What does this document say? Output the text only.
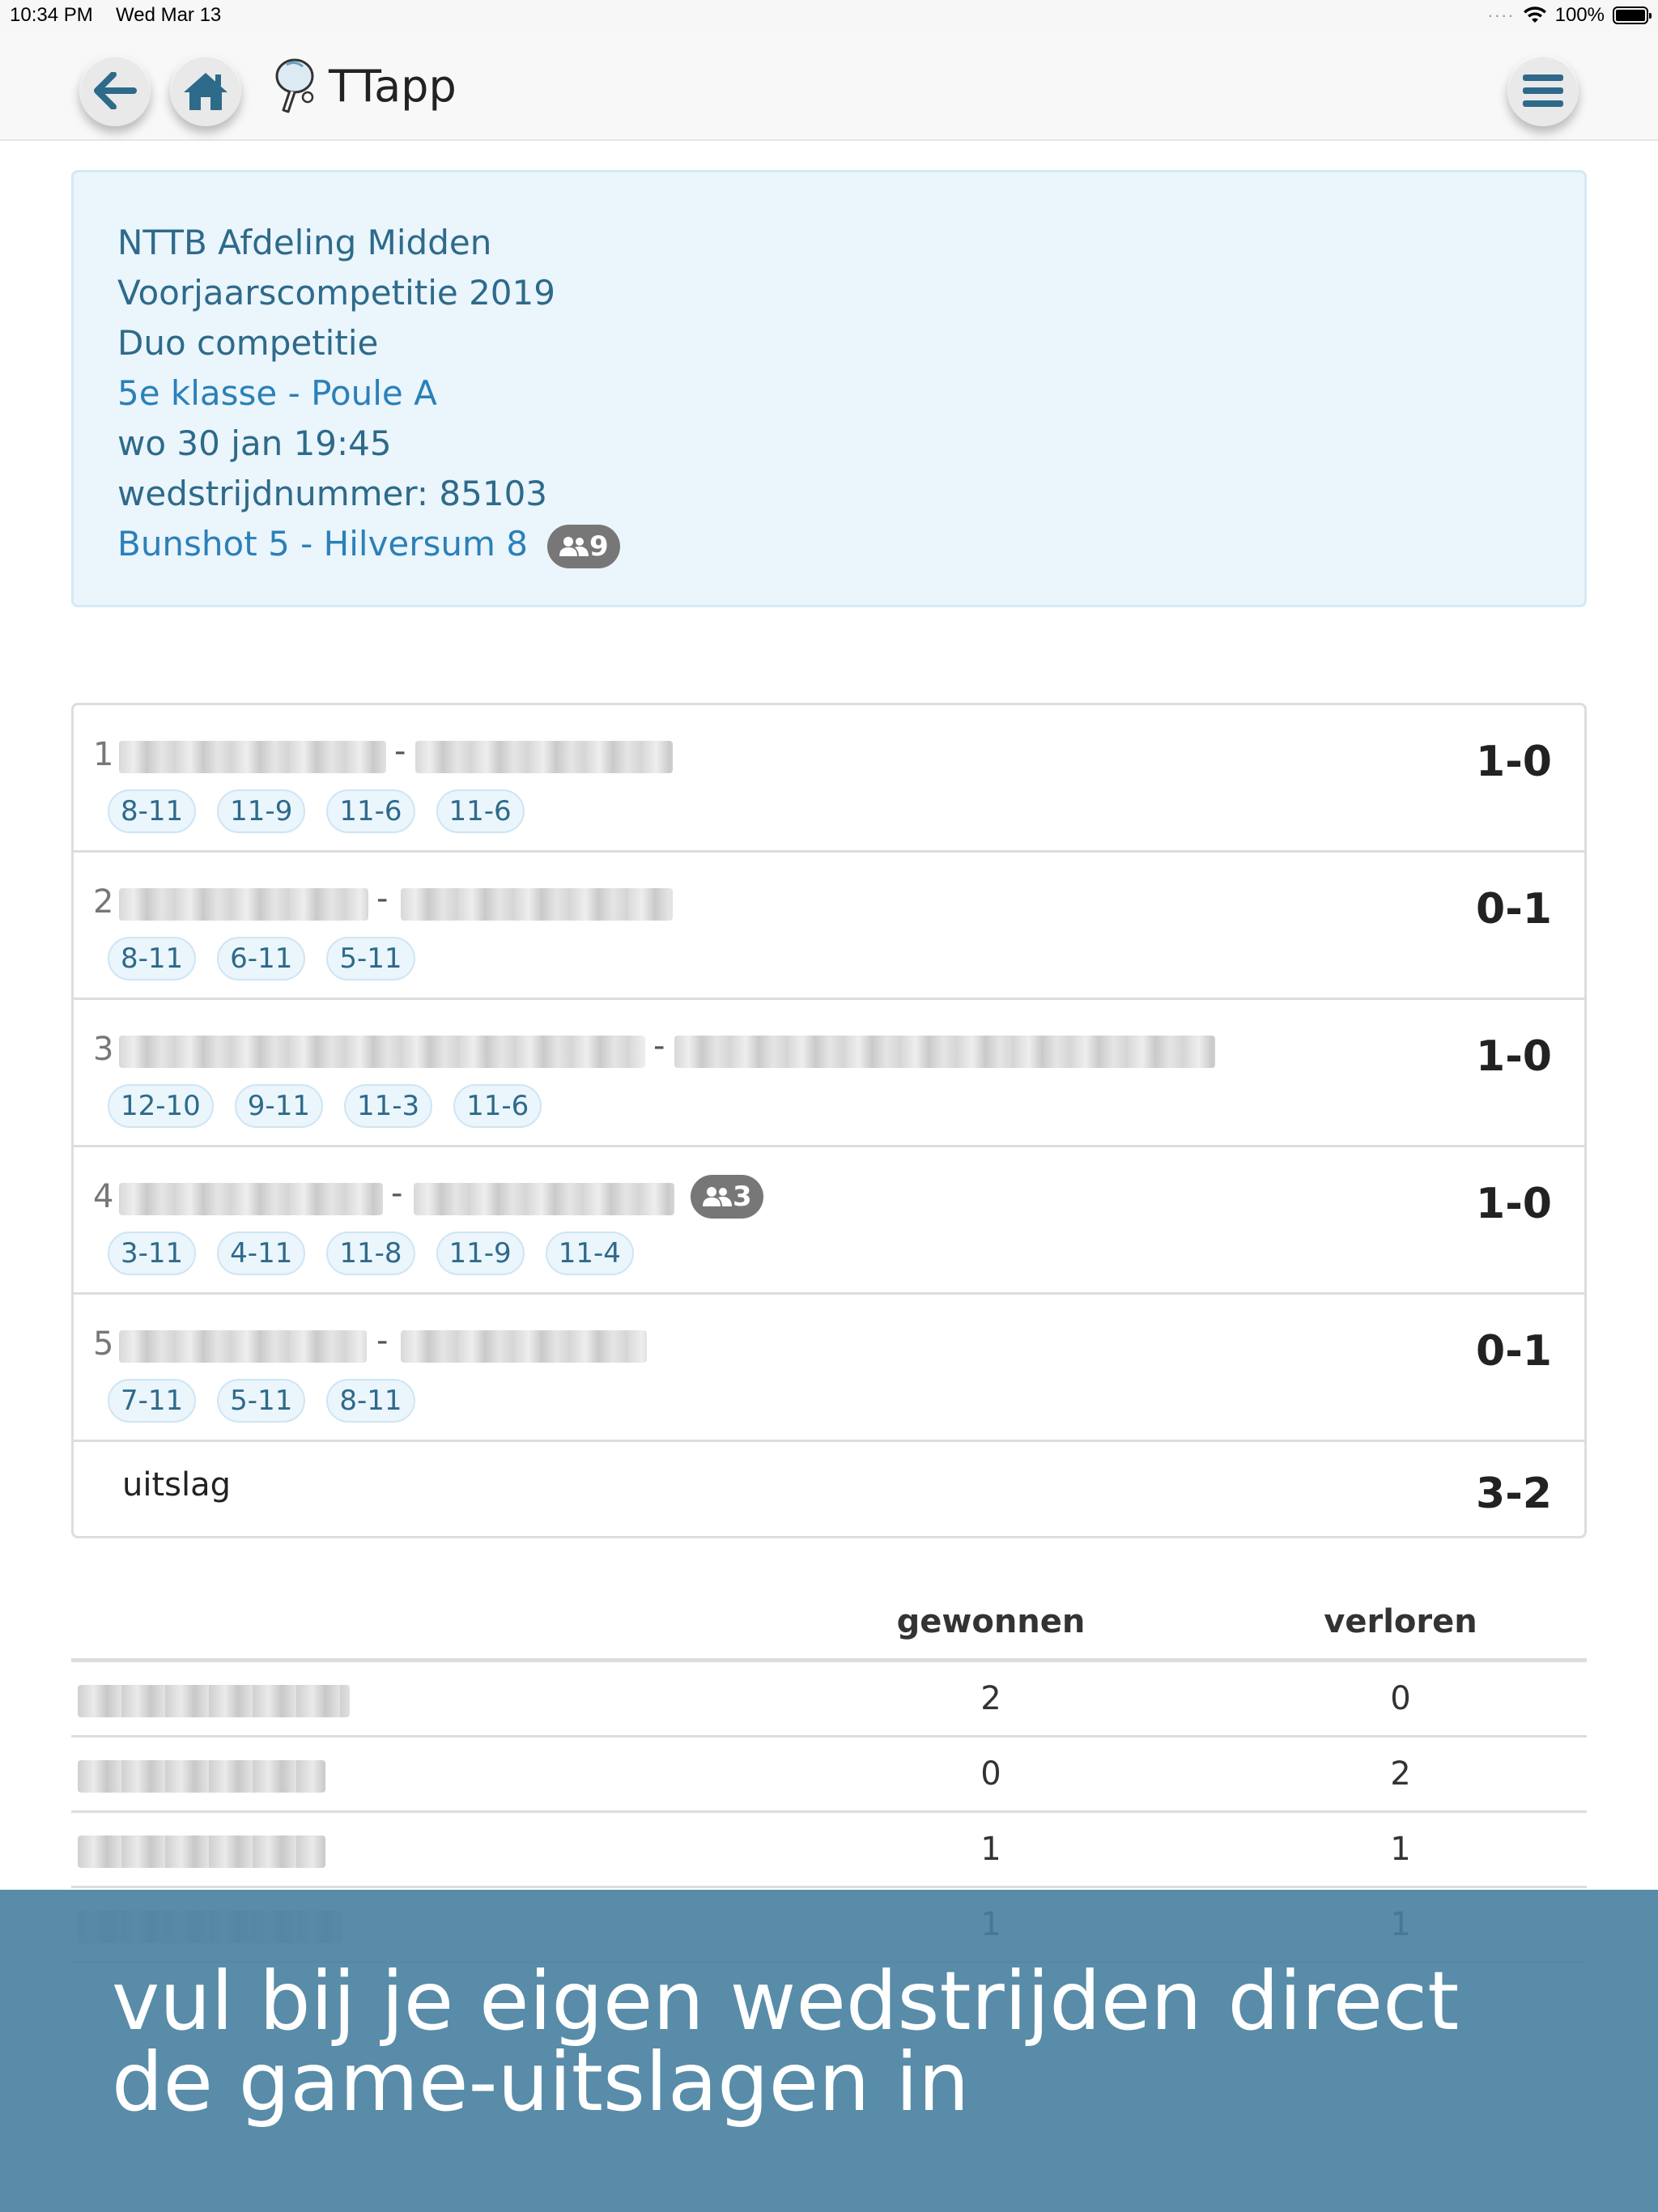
10:34 PM Wed Mar 13	···· 100%
TTapp
NTTB Afdeling Midden
Voorjaarscompetitie 2019
Duo competitie
5e klasse - Poule A
wo 30 jan 19:45
wedstrijdnummer: 85103
Bunshot 5 - Hilversum 8 9
1	-	1-0
8-11	11-9	11-6	11-6
2	-	0-1
8-11	6-11	5-11
3	-	1-0
12-10	9-11	11-3	11-6
4	-	3	1-0
3-11	4-11	11-8	11-9	11-4
5	-	0-1
7-11	5-11	8-11
uitslag	3-2
gewonnen	verloren
2	0
0	2
1	1
vul bij je eigen wedstrijden direct de game-uitslagen in
